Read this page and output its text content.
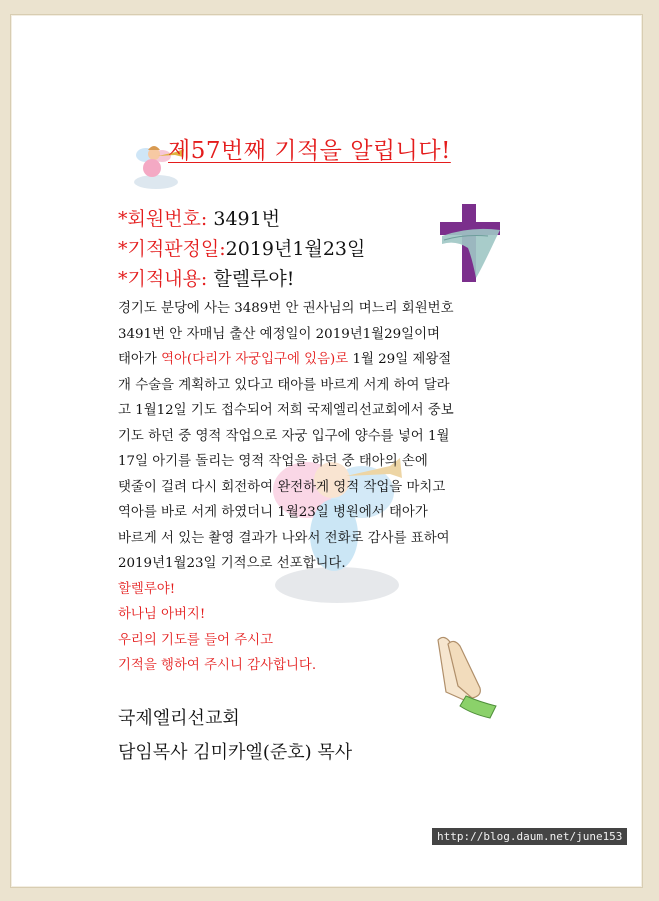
제57번째 기적을 알립니다!
*회원번호: 3491번
*기적판정일:2019년1월23일
*기적내용: 할렐루야!
경기도 분당에 사는 3489번 안 권사님의 며느리 회원번호
3491번 안 자매님 출산 예정일이 2019년1월29일이며
태아가 역아(다리가 자궁입구에 있음)로 1월 29일 제왕절
개 수술을 계획하고 있다고 태아를 바르게 서게 하여 달라
고 1월12일 기도 접수되어 저희 국제엘리선교회에서 중보
기도 하던 중 영적 작업으로 자궁 입구에 양수를 넣어 1월
17일 아기를 돌리는 영적 작업을 하던 중 태아의 손에
탯줄이 걸려 다시 회전하여 완전하게 영적 작업을 마치고
역아를 바로 서게 하였더니 1월23일 병원에서 태아가
바르게 서 있는 촬영 결과가 나와서 전화로 감사를 표하여
2019년1월23일 기적으로 선포합니다.
할렐루야!
하나님 아버지!
우리의 기도를 들어 주시고
기적을 행하여 주시니 감사합니다.
국제엘리선교회
담임목사 김미카엘(준호) 목사
http://blog.daum.net/june153
